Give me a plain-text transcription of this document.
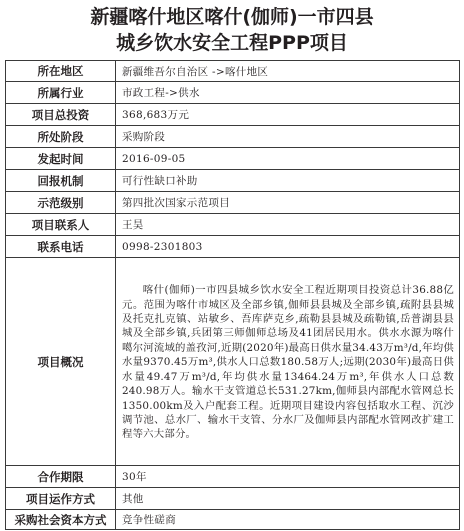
新疆喀什地区喀什(伽师)一市四县
城乡饮水安全工程PPP项目
所在地区	新疆维吾尔自治区 ->喀什地区
所属行业	市政工程->供水
项目总投资	368,683万元
所处阶段	采购阶段
发起时间	2016-09-05
回报机制	可行性缺口补助
示范级别	第四批次国家示范项目
项目联系人	王昊
联系电话	0998-2301803
项目概况	喀什(伽师)一市四县城乡饮水安全工程近期项目投资总计36.88亿元。范围为喀什市城区及全部乡镇,伽师县县城及全部乡镇,疏附县县城及托克扎克镇、站敏乡、吾库萨克乡,疏勒县县城及疏勒镇,岳普湖县县城及全部乡镇,兵团第三师伽师总场及41团居民用水。供水水源为喀什噶尔河流域的盖孜河,近期(2020年)最高日供水量34.43万m³/d,年均供水量9370.45万m³,供水人口总数180.58万人;远期(2030年)最高日供水量49.47万m³/d,年均供水量13464.24万m³,年供水人口总数240.98万人。输水干支管道总长531.27km,伽师县内部配水管网总长1350.00km及入户配套工程。近期项目建设内容包括取水工程、沉沙调节池、总水厂、输水干支管、分水厂及伽师县内部配水管网改扩建工程等六大部分。
合作期限	30年
项目运作方式	其他
采购社会资本方式	竞争性磋商
